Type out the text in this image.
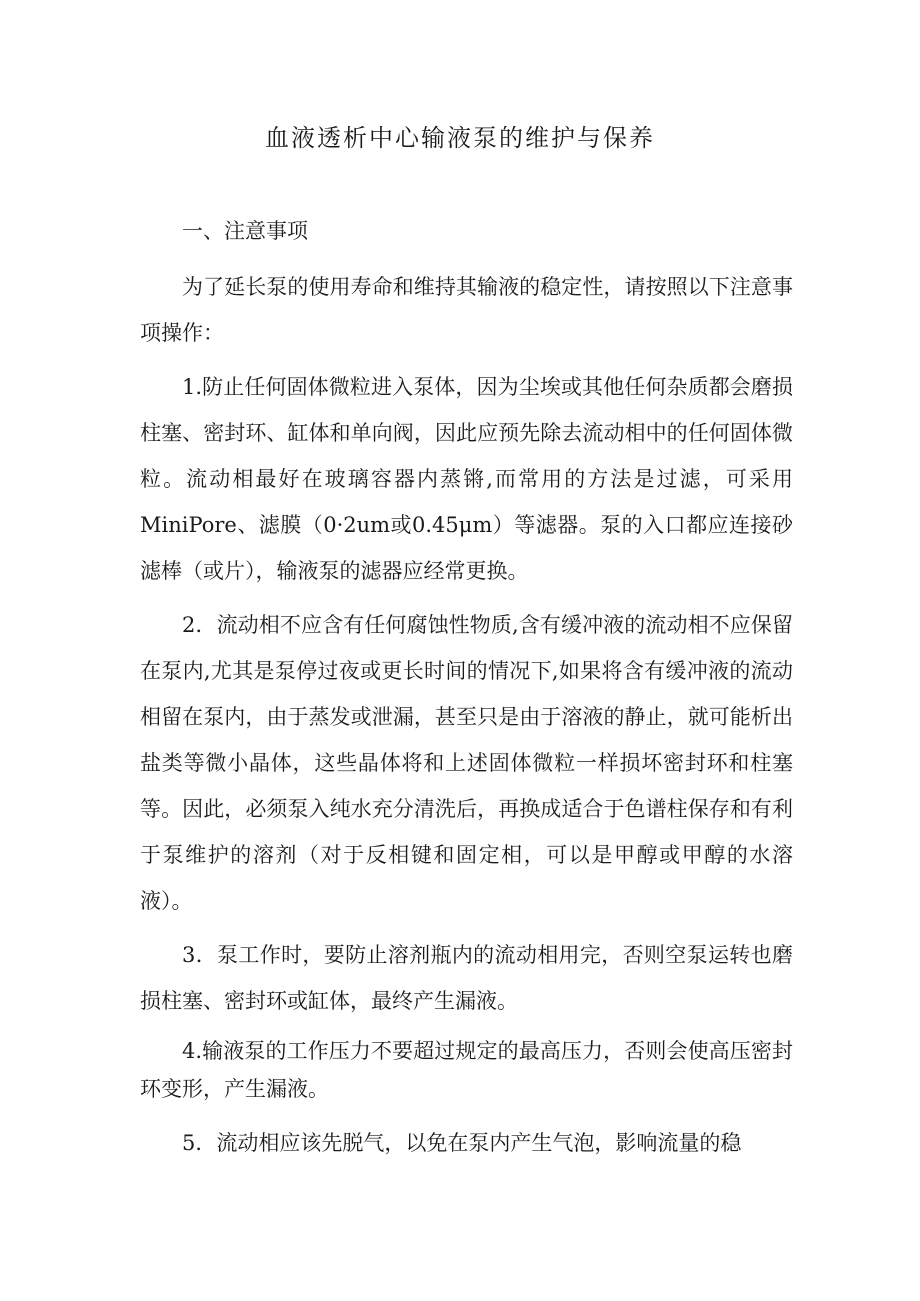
血液透析中心输液泵的维护与保养

一、注意事项

为了延长泵的使用寿命和维持其输液的稳定性，请按照以下注意事项操作：

1.防止任何固体微粒进入泵体，因为尘埃或其他任何杂质都会磨损柱塞、密封环、缸体和单向阀，因此应预先除去流动相中的任何固体微粒。流动相最好在玻璃容器内蒸锵,而常用的方法是过滤，可采用MiniPore、滤膜（0·2um或0.45μm）等滤器。泵的入口都应连接砂滤棒（或片），输液泵的滤器应经常更换。

2．流动相不应含有任何腐蚀性物质,含有缓冲液的流动相不应保留在泵内,尤其是泵停过夜或更长时间的情况下,如果将含有缓冲液的流动相留在泵内，由于蒸发或泄漏，甚至只是由于溶液的静止，就可能析出盐类等微小晶体，这些晶体将和上述固体微粒一样损坏密封环和柱塞等。因此，必须泵入纯水充分清洗后，再换成适合于色谱柱保存和有利于泵维护的溶剂（对于反相键和固定相，可以是甲醇或甲醇的水溶液）。

3．泵工作时，要防止溶剂瓶内的流动相用完，否则空泵运转也磨损柱塞、密封环或缸体，最终产生漏液。

4.输液泵的工作压力不要超过规定的最高压力，否则会使高压密封环变形，产生漏液。

5．流动相应该先脱气，以免在泵内产生气泡，影响流量的稳
